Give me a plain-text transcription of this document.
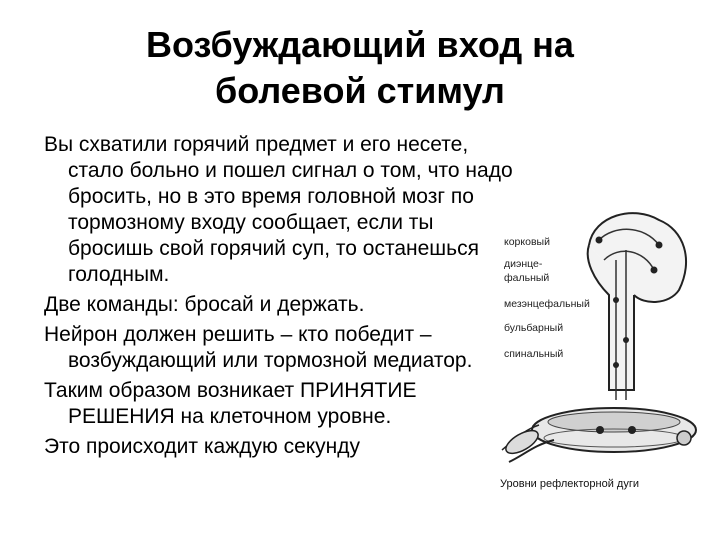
Возбуждающий вход на
болевой стимул

Вы схватили горячий предмет и его несете, стало больно и пошел сигнал о том, что надо бросить, но в это время головной мозг по тормозному входу сообщает, если ты бросишь свой горячий суп, то останешься голодным.

Две команды: бросай и держать.

Нейрон должен решить – кто победит – возбуждающий или тормозной медиатор.

Таким образом возникает ПРИНЯТИЕ РЕШЕНИЯ на клеточном уровне.

Это происходит каждую секунду

корковый
диэнце-
фальный
мезэнцефальный
бульбарный
спинальный
Уровни рефлекторной дуги
